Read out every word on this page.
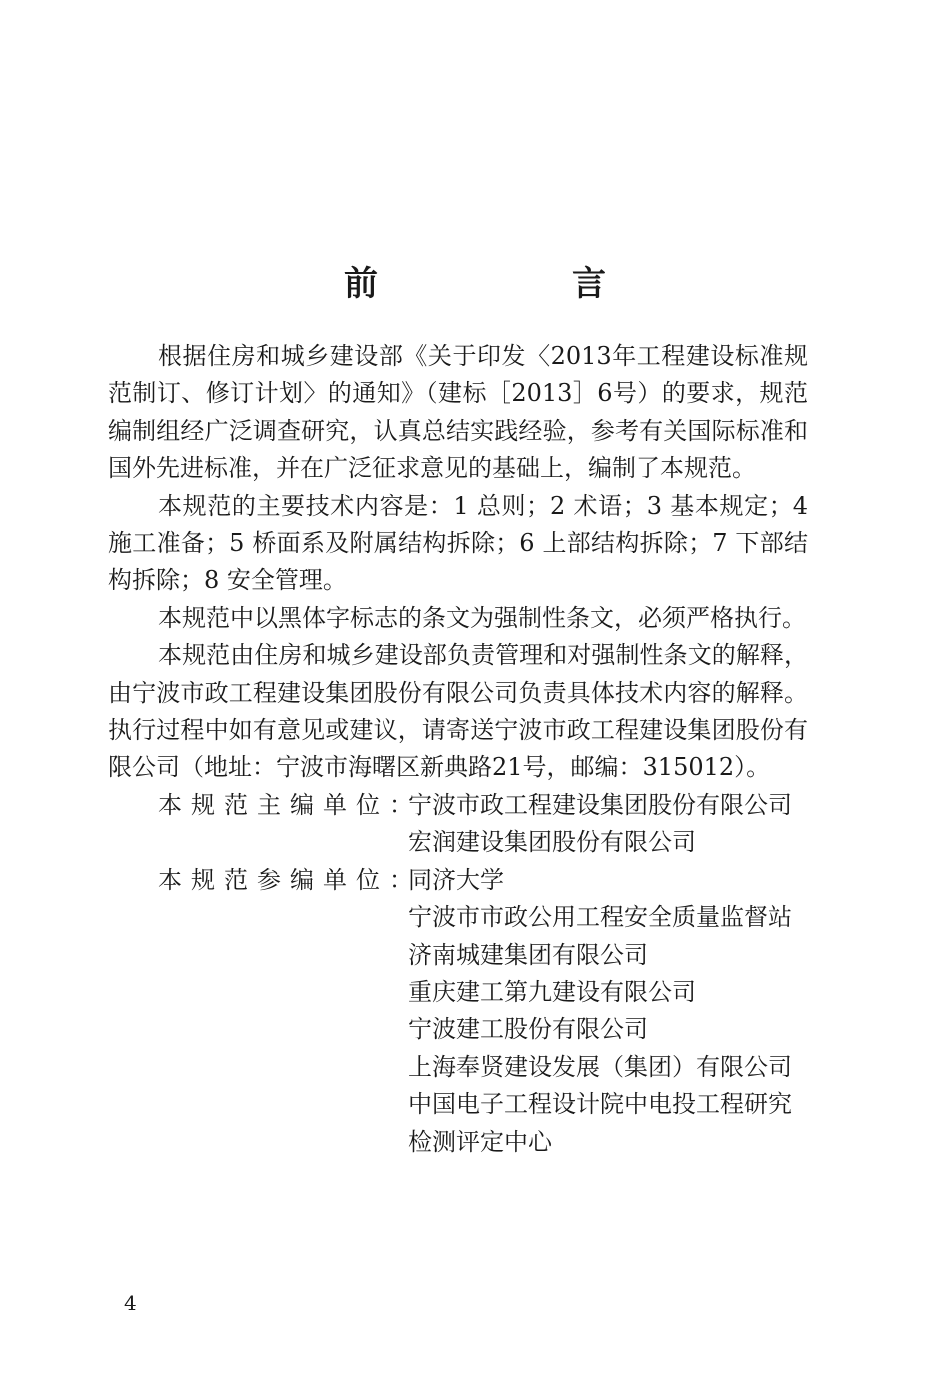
前　言

根据住房和城乡建设部《关于印发〈2013年工程建设标准规范制订、修订计划〉的通知》（建标［2013］6号）的要求，规范编制组经广泛调查研究，认真总结实践经验，参考有关国际标准和国外先进标准，并在广泛征求意见的基础上，编制了本规范。

本规范的主要技术内容是：1 总则；2 术语；3 基本规定；4 施工准备；5 桥面系及附属结构拆除；6 上部结构拆除；7 下部结构拆除；8 安全管理。

本规范中以黑体字标志的条文为强制性条文，必须严格执行。

本规范由住房和城乡建设部负责管理和对强制性条文的解释，由宁波市政工程建设集团股份有限公司负责具体技术内容的解释。执行过程中如有意见或建议，请寄送宁波市政工程建设集团股份有限公司（地址：宁波市海曙区新典路21号，邮编：315012）。

本规范主编单位：
宁波市政工程建设集团股份有限公司
宏润建设集团股份有限公司
本规范参编单位：
同济大学
宁波市市政公用工程安全质量监督站
济南城建集团有限公司
重庆建工第九建设有限公司
宁波建工股份有限公司
上海奉贤建设发展（集团）有限公司
中国电子工程设计院中电投工程研究
检测评定中心
4
